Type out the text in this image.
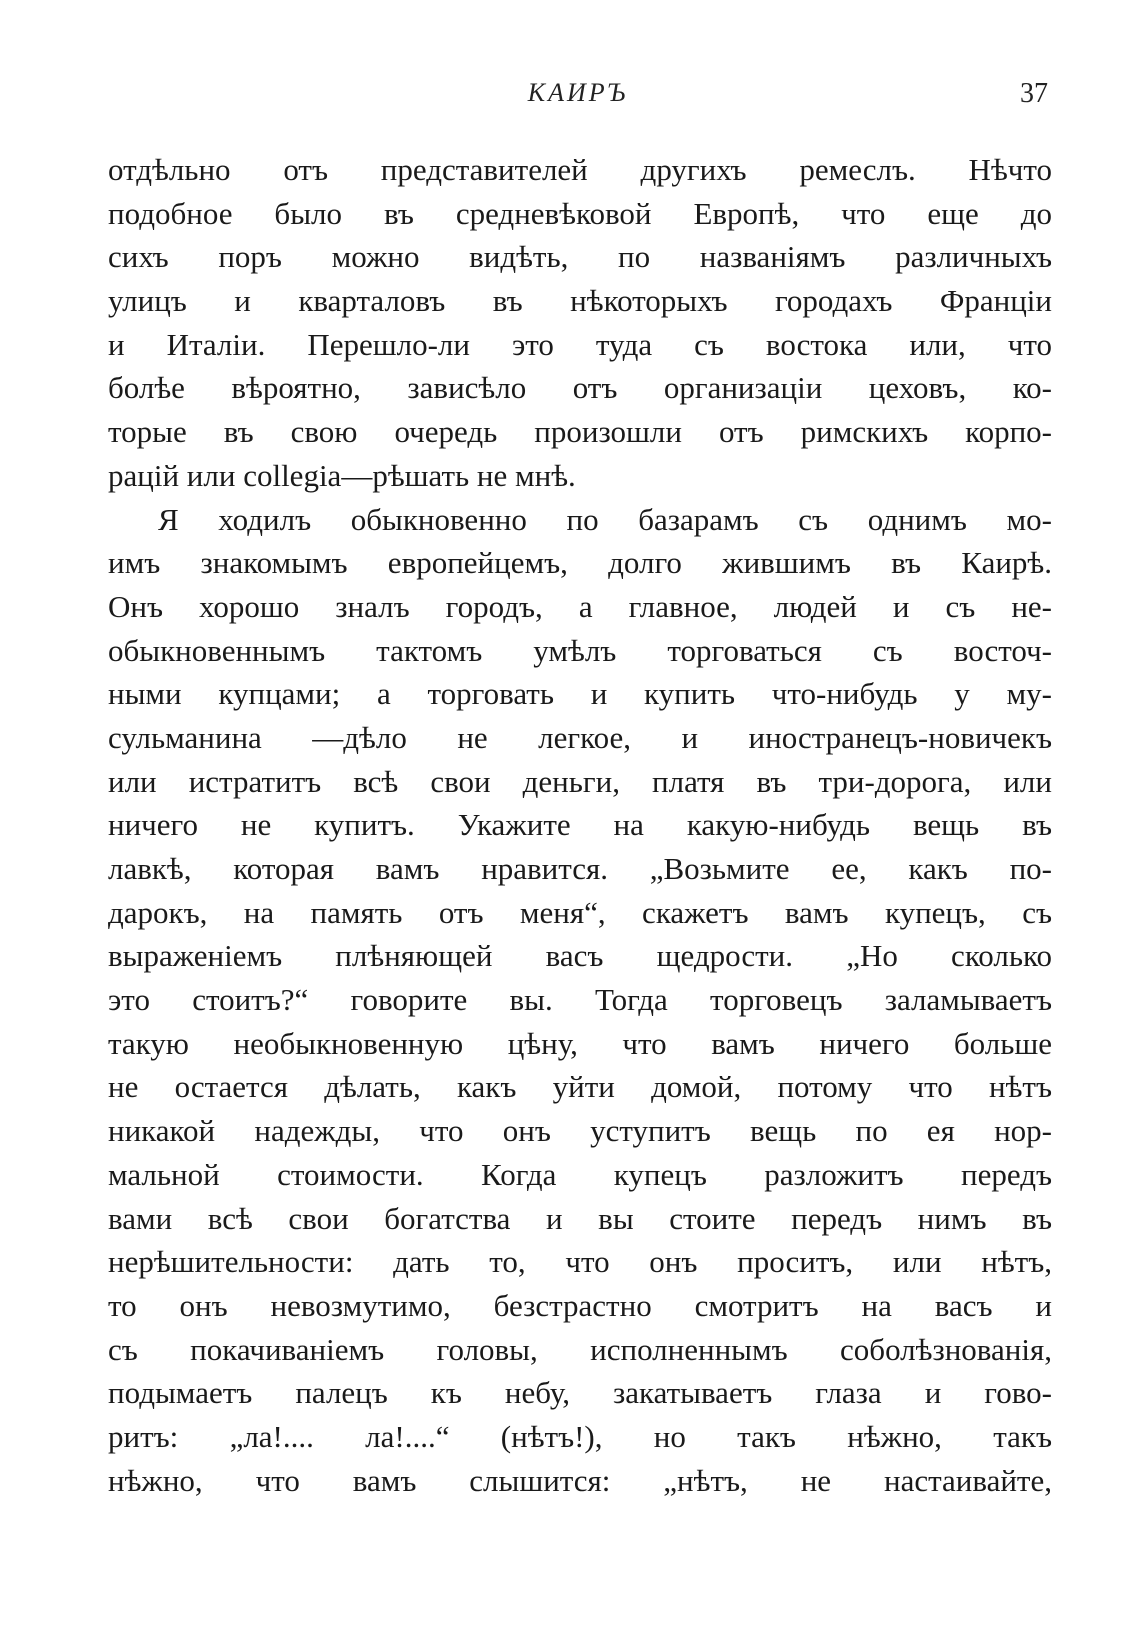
КАИРЪ	37
отдѣльно отъ представителей другихъ ремеслъ. Нѣчто
подобное было въ средневѣковой Европѣ, что еще до
сихъ поръ можно видѣть, по названіямъ различныхъ
улицъ и кварталовъ въ нѣкоторыхъ городахъ Франціи
и Италіи. Перешло-ли это туда съ востока или, что
болѣе вѣроятно, зависѣло отъ организаціи цеховъ, ко-
торые въ свою очередь произошли отъ римскихъ корпо-
рацій или collegia—рѣшать не мнѣ.
Я ходилъ обыкновенно по базарамъ съ однимъ мо-
имъ знакомымъ европейцемъ, долго жившимъ въ Каирѣ.
Онъ хорошо зналъ городъ, а главное, людей и съ не-
обыкновеннымъ тактомъ умѣлъ торговаться съ восточ-
ными купцами; а торговать и купить что-нибудь у му-
сульманина —дѣло не легкое, и иностранецъ-новичекъ
или истратитъ всѣ свои деньги, платя въ три-дорога, или
ничего не купитъ. Укажите на какую-нибудь вещь въ
лавкѣ, которая вамъ нравится. „Возьмите ее, какъ по-
дарокъ, на память отъ меня“, скажетъ вамъ купецъ, съ
выраженіемъ плѣняющей васъ щедрости. „Но сколько
это стоитъ?“ говорите вы. Тогда торговецъ заламываетъ
такую необыкновенную цѣну, что вамъ ничего больше
не остается дѣлать, какъ уйти домой, потому что нѣтъ
никакой надежды, что онъ уступитъ вещь по ея нор-
мальной стоимости. Когда купецъ разложитъ передъ
вами всѣ свои богатства и вы стоите передъ нимъ въ
нерѣшительности: дать то, что онъ проситъ, или нѣтъ,
то онъ невозмутимо, безстрастно смотритъ на васъ и
съ покачиваніемъ головы, исполненнымъ соболѣзнованія,
подымаетъ палецъ къ небу, закатываетъ глаза и гово-
ритъ: „ла!.... ла!....“ (нѣтъ!), но такъ нѣжно, такъ
нѣжно, что вамъ слышится: „нѣтъ, не настаивайте,
